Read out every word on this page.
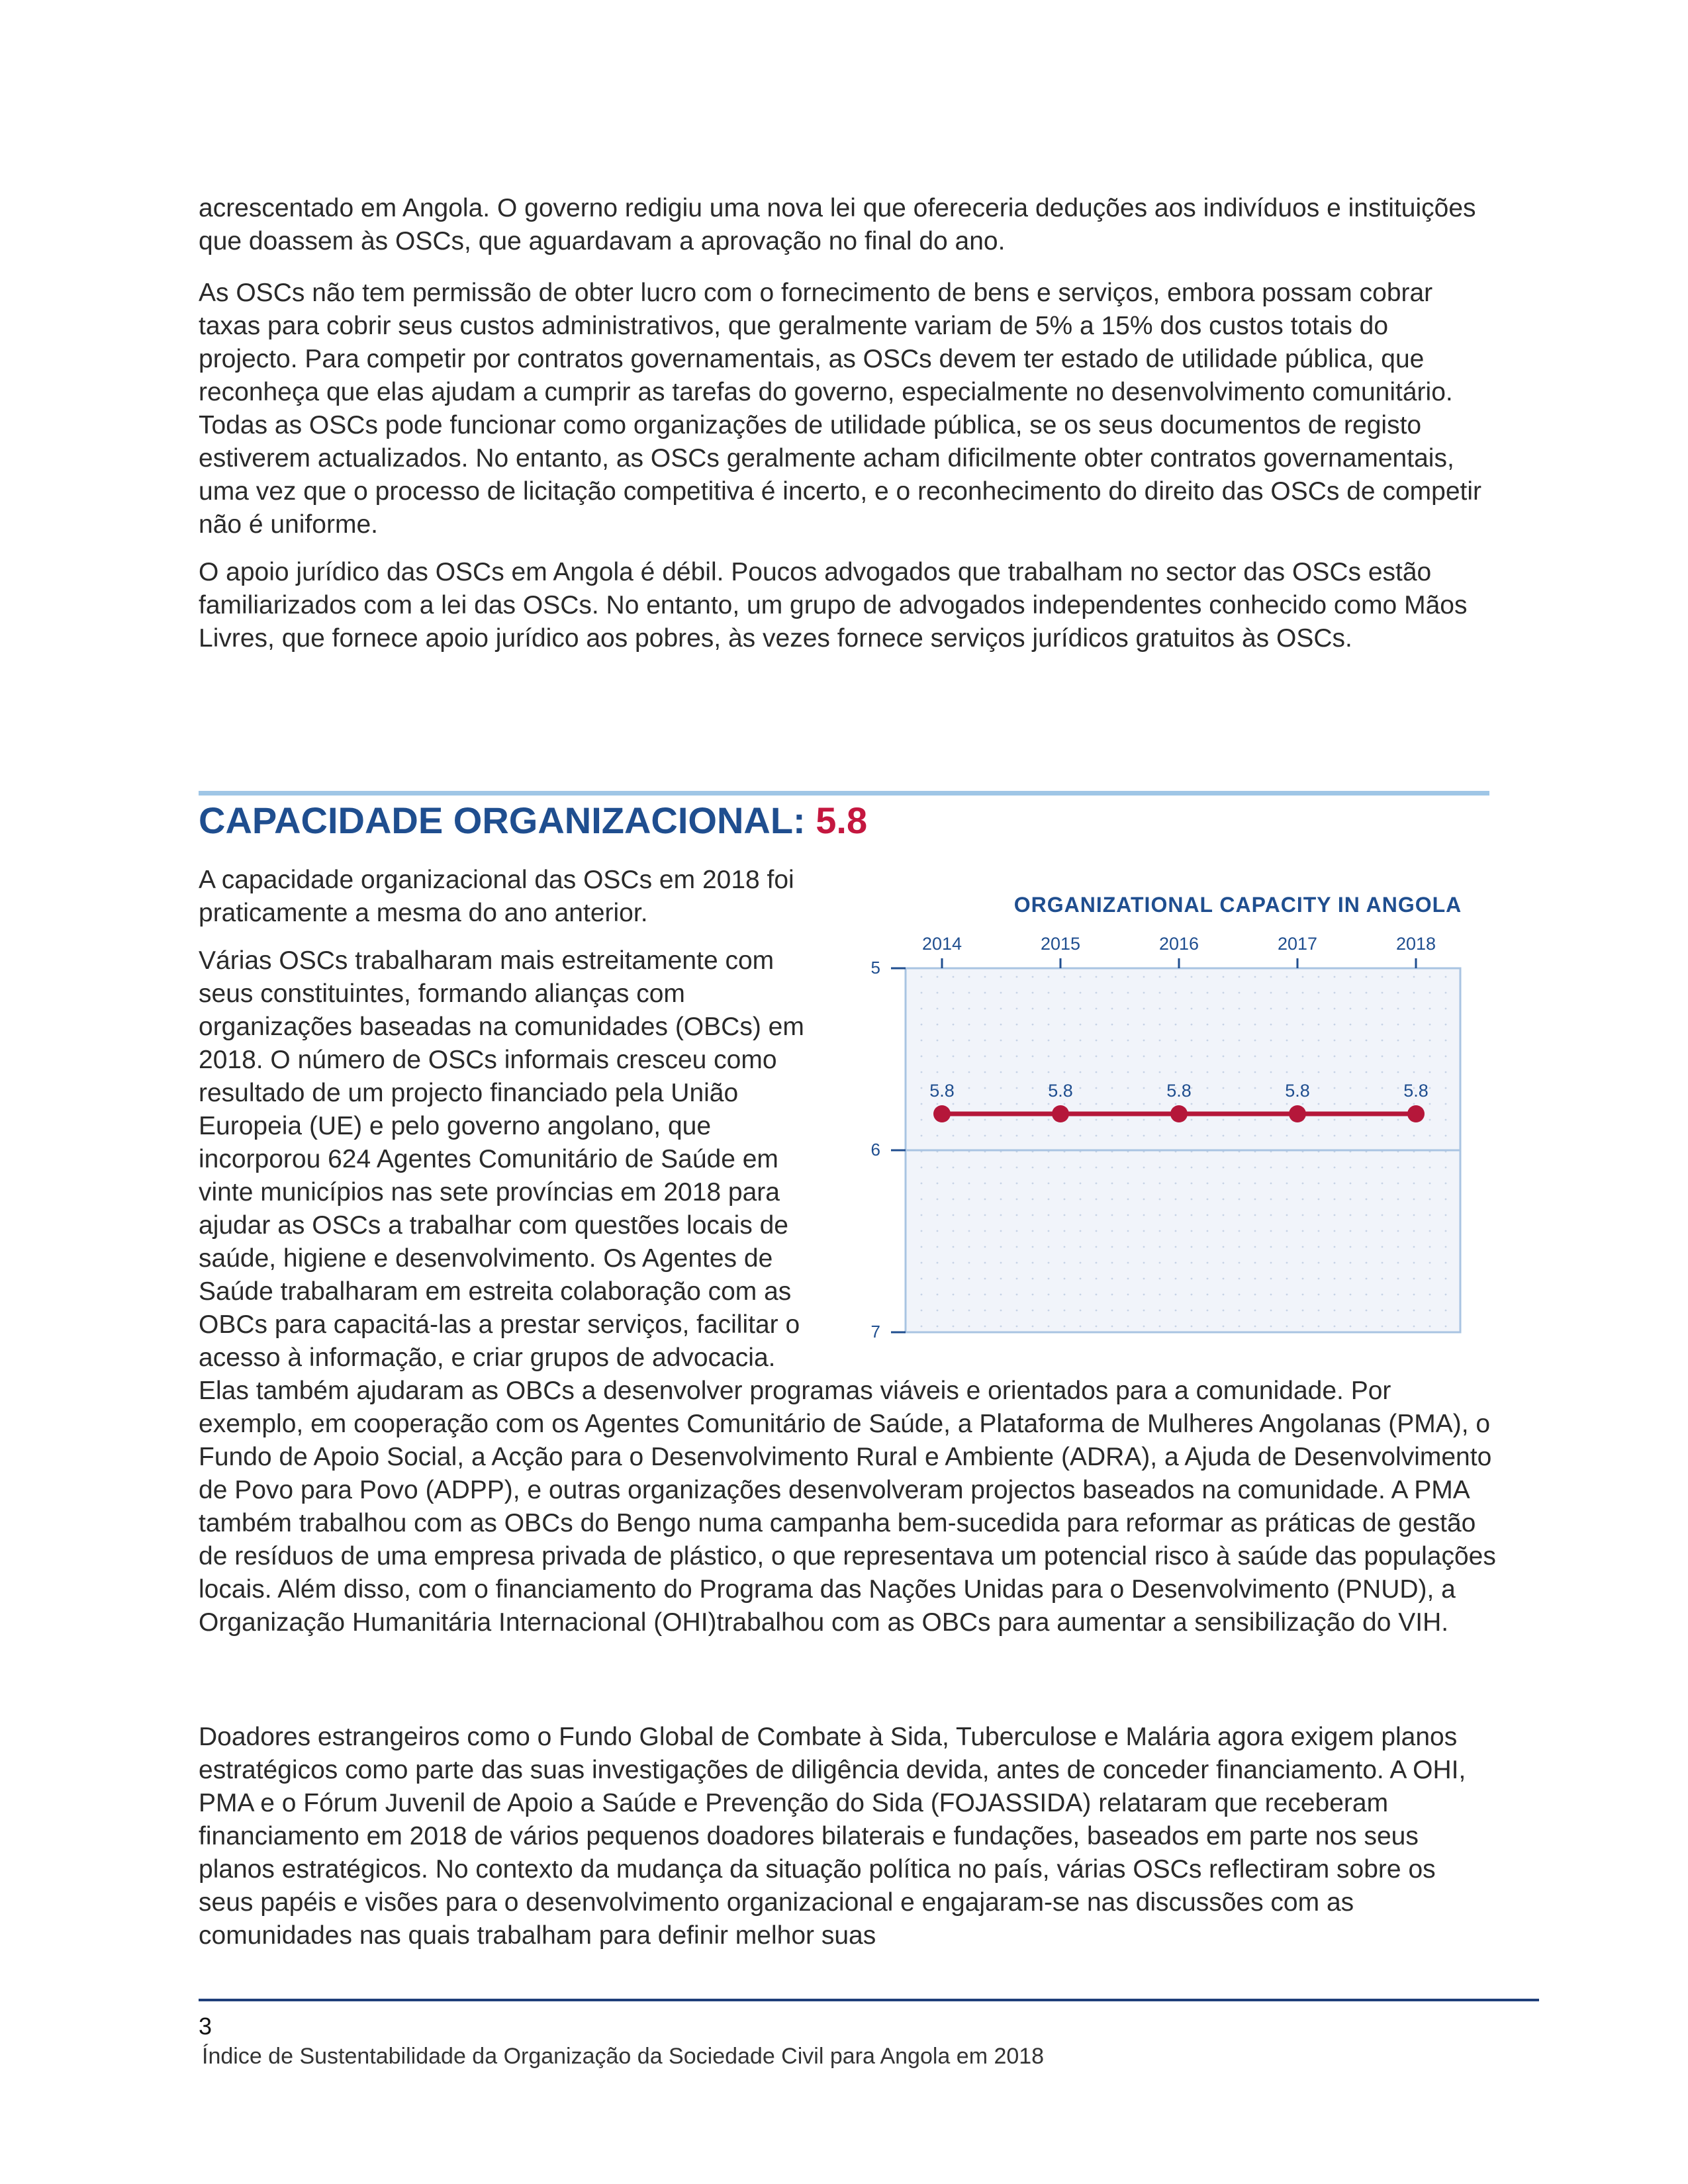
acrescentado em Angola. O governo redigiu uma nova lei que ofereceria deduções aos indivíduos e instituições que doassem às OSCs, que aguardavam a aprovação no final do ano.

As OSCs não tem permissão de obter lucro com o fornecimento de bens e serviços, embora possam cobrar taxas para cobrir seus custos administrativos, que geralmente variam de 5% a 15% dos custos totais do projecto. Para competir por contratos governamentais, as OSCs devem ter estado de utilidade pública, que reconheça que elas ajudam a cumprir as tarefas do governo, especialmente no desenvolvimento comunitário. Todas as OSCs pode funcionar como organizações de utilidade pública, se os seus documentos de registo estiverem actualizados. No entanto, as OSCs geralmente acham dificilmente obter contratos governamentais, uma vez que o processo de licitação competitiva é incerto, e o reconhecimento do direito das OSCs de competir não é uniforme.

O apoio jurídico das OSCs em Angola é débil. Poucos advogados que trabalham no sector das OSCs estão familiarizados com a lei das OSCs. No entanto, um grupo de advogados independentes conhecido como Mãos Livres, que fornece apoio jurídico aos pobres, às vezes fornece serviços jurídicos gratuitos às OSCs.

CAPACIDADE ORGANIZACIONAL: 5.8

A capacidade organizacional das OSCs em 2018 foi praticamente a mesma do ano anterior.

Várias OSCs trabalharam mais estreitamente com seus constituintes, formando alianças com organizações baseadas na comunidades (OBCs) em 2018. O número de OSCs informais cresceu como resultado de um projecto financiado pela União Europeia (UE) e pelo governo angolano, que incorporou 624 Agentes Comunitário de Saúde em vinte municípios nas sete províncias em 2018 para ajudar as OSCs a trabalhar com questões locais de saúde, higiene e desenvolvimento. Os Agentes de Saúde trabalharam em estreita colaboração com as OBCs para capacitá-las a prestar serviços, facilitar o acesso à informação, e criar grupos de advocacia. Elas também ajudaram as OBCs a desenvolver programas viáveis e orientados para a comunidade. Por exemplo, em cooperação com os Agentes Comunitário de Saúde, a Plataforma de Mulheres Angolanas (PMA), o Fundo de Apoio Social, a Acção para o Desenvolvimento Rural e Ambiente (ADRA), a Ajuda de Desenvolvimento de Povo para Povo (ADPP), e outras organizações desenvolveram projectos baseados na comunidade. A PMA também trabalhou com as OBCs do Bengo numa campanha bem-sucedida para reformar as práticas de gestão de resíduos de uma empresa privada de plástico, o que representava um potencial risco à saúde das populações locais. Além disso, com o financiamento do Programa das Nações Unidas para o Desenvolvimento (PNUD), a Organização Humanitária Internacional (OHI)trabalhou com as OBCs para aumentar a sensibilização do VIH.

Doadores estrangeiros como o Fundo Global de Combate à Sida, Tuberculose e Malária agora exigem planos estratégicos como parte das suas investigações de diligência devida, antes de conceder financiamento. A OHI, PMA e o Fórum Juvenil de Apoio a Saúde e Prevenção do Sida (FOJASSIDA) relataram que receberam financiamento em 2018 de vários pequenos doadores bilaterais e fundações, baseados em parte nos seus planos estratégicos. No contexto da mudança da situação política no país, várias OSCs reflectiram sobre os seus papéis e visões para o desenvolvimento organizacional e engajaram-se nas discussões com as comunidades nas quais trabalham para definir melhor suas

ORGANIZATIONAL CAPACITY IN ANGOLA
5
6
7
2014	2015	2016	2017	2018
5.8	5.8	5.8	5.8	5.8

3

Índice de Sustentabilidade da Organização da Sociedade Civil para Angola em 2018
